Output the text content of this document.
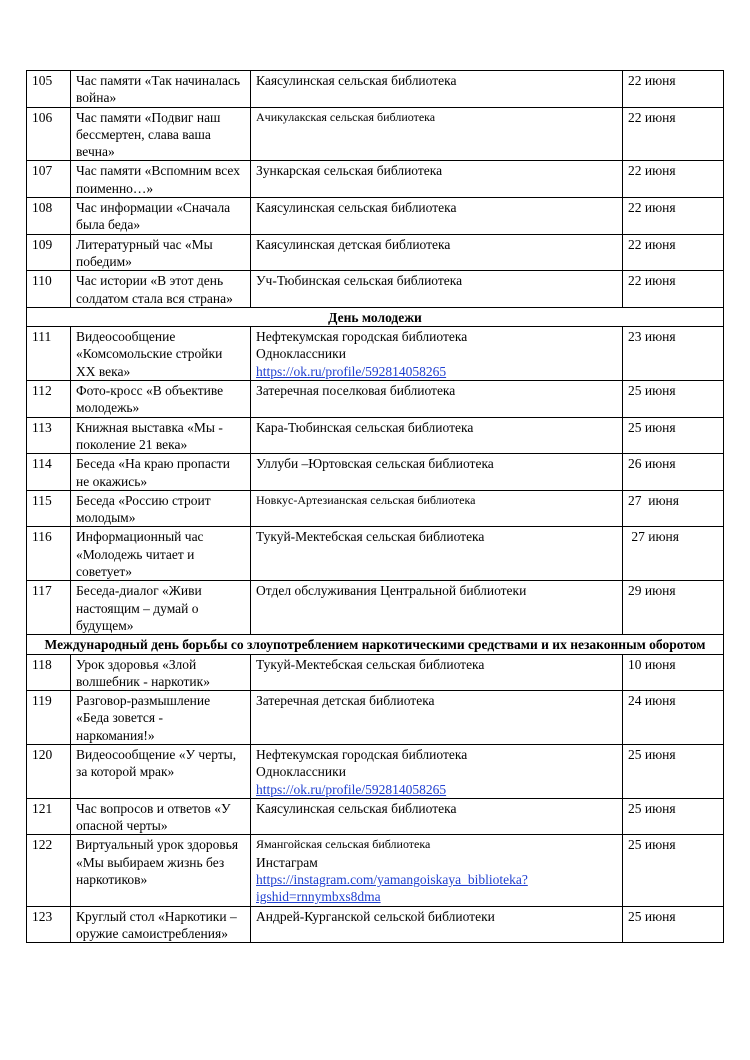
105	Час памяти «Так начиналась война»	Каясулинская сельская библиотека	22 июня
106	Час памяти «Подвиг наш бессмертен, слава ваша вечна»	Ачикулакская сельская библиотека	22 июня
107	Час памяти «Вспомним всех поименно…»	Зункарская сельская библиотека	22 июня
108	Час информации «Сначала была беда»	Каясулинская сельская библиотека	22 июня
109	Литературный час «Мы победим»	Каясулинская детская библиотека	22 июня
110	Час истории «В этот день солдатом стала вся страна»	Уч-Тюбинская сельская библиотека	22 июня
День молодежи			
111	Видеосообщение «Комсомольские стройки XX века»	Нефтекумская городская библиотека
Одноклассники
https://ok.ru/profile/592814058265	23 июня
112	Фото-кросс «В объективе молодежь»	Затеречная поселковая библиотека	25 июня
113	Книжная выставка «Мы - поколение 21 века»	Кара-Тюбинская сельская библиотека	25 июня
114	Беседа «На краю пропасти не окажись»	Уллуби –Юртовская сельская библиотека	26 июня
115	Беседа «Россию строит молодым»	Новкус-Артезианская сельская библиотека	27  июня
116	Информационный час «Молодежь читает и советует»	Тукуй-Мектебская сельская библиотека	27 июня
117	Беседа-диалог «Живи настоящим – думай о будущем»	Отдел обслуживания Центральной библиотеки	29 июня
Международный день борьбы со злоупотреблением наркотическими средствами и их незаконным оборотом			
118	Урок здоровья «Злой волшебник - наркотик»	Тукуй-Мектебская сельская библиотека	10 июня
119	Разговор-размышление «Беда зовется - наркомания!»	Затеречная детская библиотека	24 июня
120	Видеосообщение «У черты, за которой мрак»	Нефтекумская городская библиотека
Одноклассники
https://ok.ru/profile/592814058265	25 июня
121	Час вопросов и ответов «У опасной черты»	Каясулинская сельская библиотека	25 июня
122	Виртуальный урок здоровья «Мы выбираем жизнь без наркотиков»	Ямангойская сельская библиотека
Инстаграм
https://instagram.com/yamangoiskaya_biblioteka?igshid=rnnymbxs8dma	25 июня
123	Круглый стол «Наркотики – оружие самоистребления»	Андрей-Курганской сельской библиотеки	25 июня
